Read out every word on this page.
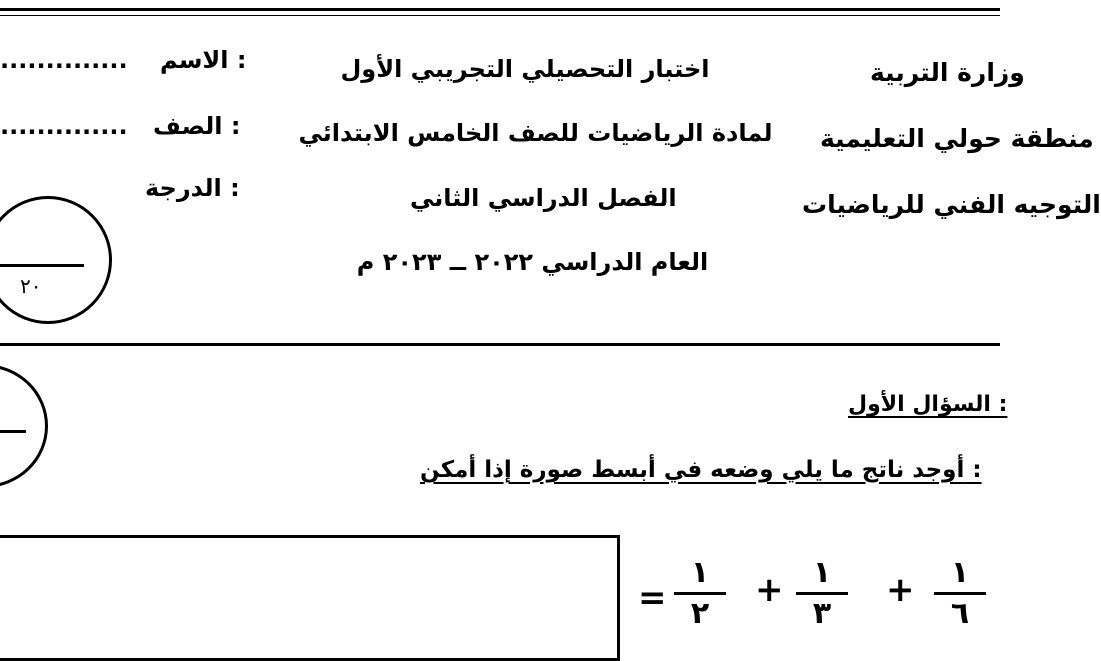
وزارة التربية
منطقة حولي التعليمية
التوجيه الفني للرياضيات
اختبار التحصيلي التجريبي الأول
لمادة الرياضيات للصف الخامس الابتدائي
الفصل الدراسي الثاني
العام الدراسي ٢٠٢٢ ــ ٢٠٢٣ م
الاسم :
..............
الصف :
..............
الدرجة :
٢٠
السؤال الأول :
أوجد ناتج ما يلي وضعه في أبسط صورة إذا أمكن :
١
٦
+
١
٣
+
١
٢
=
